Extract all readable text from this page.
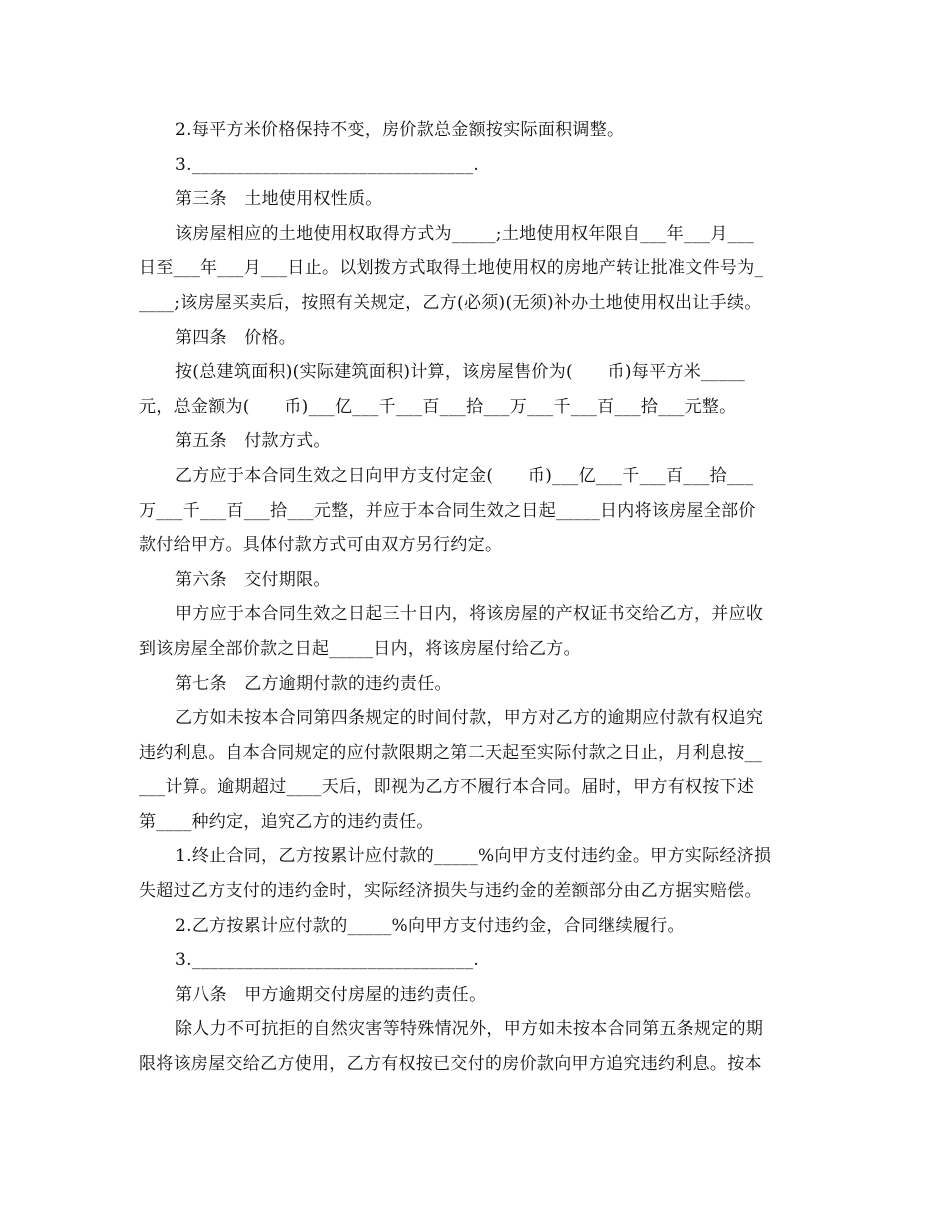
2.每平方米价格保持不变，房价款总金额按实际面积调整。
3.________________________________.
第三条　土地使用权性质。
该房屋相应的土地使用权取得方式为_____;土地使用权年限自___年___月___
日至___年___月___日止。以划拨方式取得土地使用权的房地产转让批准文件号为_
____;该房屋买卖后，按照有关规定，乙方(必须)(无须)补办土地使用权出让手续。
第四条　价格。
按(总建筑面积)(实际建筑面积)计算，该房屋售价为(　　币)每平方米_____
元，总金额为(　　币)___亿___千___百___拾___万___千___百___拾___元整。
第五条　付款方式。
乙方应于本合同生效之日向甲方支付定金(　　币)___亿___千___百___拾___
万___千___百___拾___元整，并应于本合同生效之日起_____日内将该房屋全部价
款付给甲方。具体付款方式可由双方另行约定。
第六条　交付期限。
甲方应于本合同生效之日起三十日内，将该房屋的产权证书交给乙方，并应收
到该房屋全部价款之日起_____日内，将该房屋付给乙方。
第七条　乙方逾期付款的违约责任。
乙方如未按本合同第四条规定的时间付款，甲方对乙方的逾期应付款有权追究
违约利息。自本合同规定的应付款限期之第二天起至实际付款之日止，月利息按__
___计算。逾期超过____天后，即视为乙方不履行本合同。届时，甲方有权按下述
第____种约定，追究乙方的违约责任。
1.终止合同，乙方按累计应付款的_____%向甲方支付违约金。甲方实际经济损
失超过乙方支付的违约金时，实际经济损失与违约金的差额部分由乙方据实赔偿。
2.乙方按累计应付款的_____%向甲方支付违约金，合同继续履行。
3.________________________________.
第八条　甲方逾期交付房屋的违约责任。
除人力不可抗拒的自然灾害等特殊情况外，甲方如未按本合同第五条规定的期
限将该房屋交给乙方使用，乙方有权按已交付的房价款向甲方追究违约利息。按本
